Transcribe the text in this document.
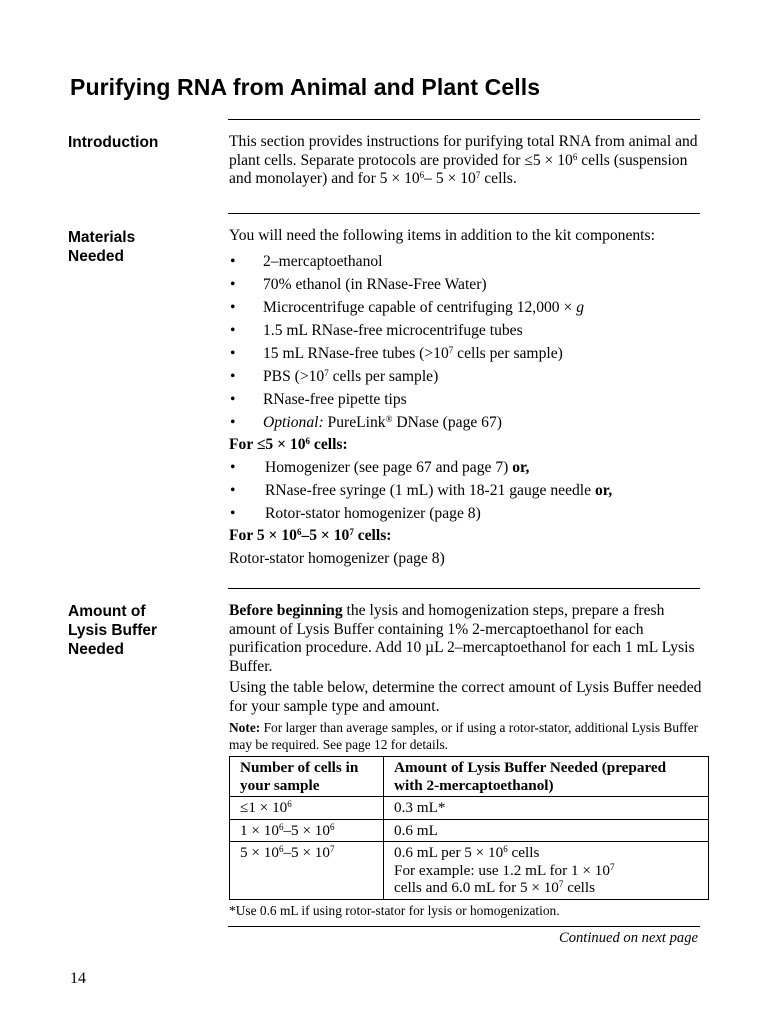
Purifying RNA from Animal and Plant Cells
Introduction	This section provides instructions for purifying total RNA from animal and plant cells. Separate protocols are provided for $\le 5 \times 10^6$ cells (suspension and monolayer) and for $5 \times 10^6-$ $5 \times 10^7$ cells.

Materials
Needed

You will need the following items in addition to the kit components:

• 2–mercaptoethanol
• 70% ethanol (in RNase-Free Water)
• Microcentrifuge capable of centrifuging 12,000 × g
• 1.5 mL RNase-free microcentrifuge tubes
• 15 mL RNase-free tubes ($>10^7$ cells per sample)
• PBS ($>10^7$ cells per sample)
• RNase-free pipette tips
• Optional: PureLink® DNase (page 67)
For $\le 5 \times 10^6$ cells:
• Homogenizer (see page 67 and page 7) or,
• RNase-free syringe (1 mL) with 18-21 gauge needle or,
• Rotor-stator homogenizer (page 8)
For $5 \times 10^6-5 \times 10^7$ cells:
Rotor-stator homogenizer (page 8)
Amount of
Lysis Buffer
Needed

Before beginning the lysis and homogenization steps, prepare a fresh amount of Lysis Buffer containing 1% 2-mercaptoethanol for each purification procedure. Add 10 µL 2–mercaptoethanol for each 1 mL Lysis Buffer.

Using the table below, determine the correct amount of Lysis Buffer needed for your sample type and amount.

Note: For larger than average samples, or if using a rotor-stator, additional Lysis Buffer may be required. See page 12 for details.

Number of cells in your sample	Amount of Lysis Buffer Needed (prepared with 2-mercaptoethanol)
$\le 1 \times 10^6$	0.3 mL*
$1 \times 10^6-5 \times 10^6$	0.6 mL
$5 \times 10^6-5 \times 10^7$	0.6 mL per $5 \times 10^6$ cells
For example: use 1.2 mL for $1 \times 10^7$
cells and 6.0 mL for $5 \times 10^7$ cells
*Use 0.6 mL if using rotor-stator for lysis or homogenization.
Continued on next page
14
